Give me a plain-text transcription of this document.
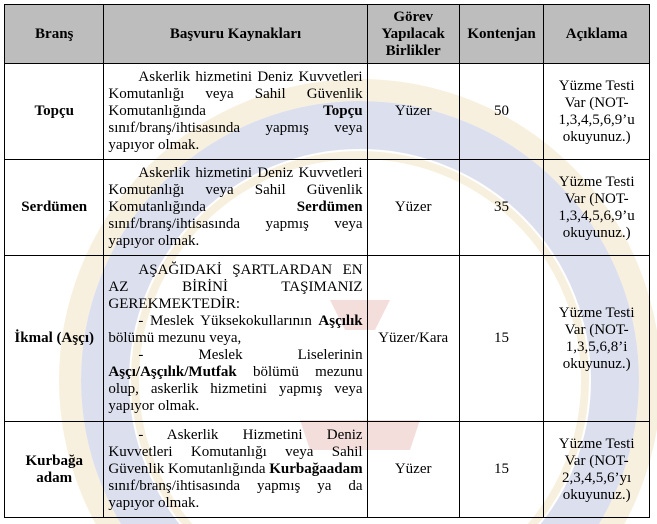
Branş	Başvuru Kaynakları	Görev Yapılacak Birlikler	Kontenjan	Açıklama
Topçu	Askerlik hizmetini Deniz Kuvvetleri Komutanlığı veya Sahil Güvenlik Komutanlığında Topçu sınıf/branş/ihtisasında yapmış veya yapıyor olmak.	Yüzer	50	Yüzme Testi Var (NOT-1,3,4,5,6,9’u okuyunuz.)
Serdümen	Askerlik hizmetini Deniz Kuvvetleri Komutanlığı veya Sahil Güvenlik Komutanlığında Serdümen sınıf/branş/ihtisasında yapmış veya yapıyor olmak.	Yüzer	35	Yüzme Testi Var (NOT-1,3,4,5,6,9’u okuyunuz.)
İkmal (Aşçı)	AŞAĞIDAKİ ŞARTLARDAN EN AZ BİRİNİ TAŞIMANIZ GEREKMEKTEDİR:

- Meslek Yüksekokullarının Aşçılık bölümü mezunu veya,

- Meslek Liselerinin Aşçı/Aşçılık/Mutfak bölümü mezunu olup, askerlik hizmetini yapmış veya yapıyor olmak.	Yüzer/Kara	15	Yüzme Testi Var (NOT-1,3,5,6,8’i okuyunuz.)
Kurbağa adam	- Askerlik Hizmetini Deniz Kuvvetleri Komutanlığı veya Sahil Güvenlik Komutanlığında Kurbağaadam sınıf/branş/ihtisasında yapmış ya da yapıyor olmak.	Yüzer	15	Yüzme Testi Var (NOT-2,3,4,5,6’yı okuyunuz.)
